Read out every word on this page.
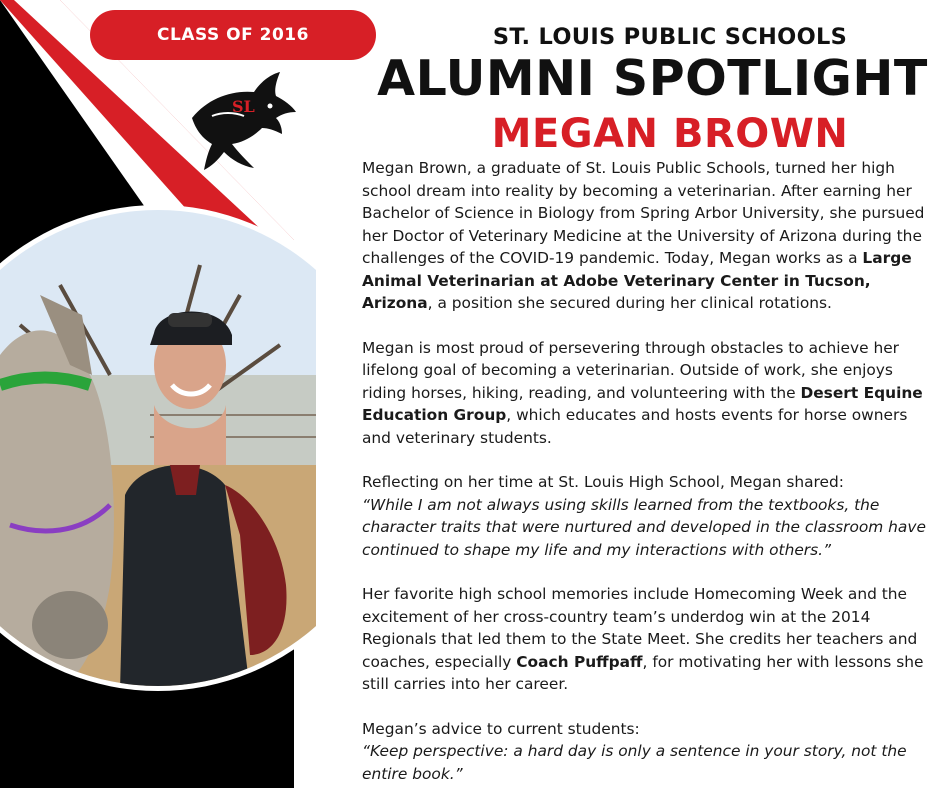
CLASS OF 2016
SL
ST. LOUIS PUBLIC SCHOOLS
ALUMNI SPOTLIGHT
MEGAN BROWN

Megan Brown, a graduate of St. Louis Public Schools, turned her high school dream into reality by becoming a veterinarian. After earning her Bachelor of Science in Biology from Spring Arbor University, she pursued her Doctor of Veterinary Medicine at the University of Arizona during the challenges of the COVID-19 pandemic. Today, Megan works as a Large Animal Veterinarian at Adobe Veterinary Center in Tucson, Arizona, a position she secured during her clinical rotations.

Megan is most proud of persevering through obstacles to achieve her lifelong goal of becoming a veterinarian. Outside of work, she enjoys riding horses, hiking, reading, and volunteering with the Desert Equine Education Group, which educates and hosts events for horse owners and veterinary students.

Reflecting on her time at St. Louis High School, Megan shared:
“While I am not always using skills learned from the textbooks, the character traits that were nurtured and developed in the classroom have continued to shape my life and my interactions with others.”

Her favorite high school memories include Homecoming Week and the excitement of her cross-country team’s underdog win at the 2014 Regionals that led them to the State Meet. She credits her teachers and coaches, especially Coach Puffpaff, for motivating her with lessons she still carries into her career.

Megan’s advice to current students:
“Keep perspective: a hard day is only a sentence in your story, not the entire book.”
